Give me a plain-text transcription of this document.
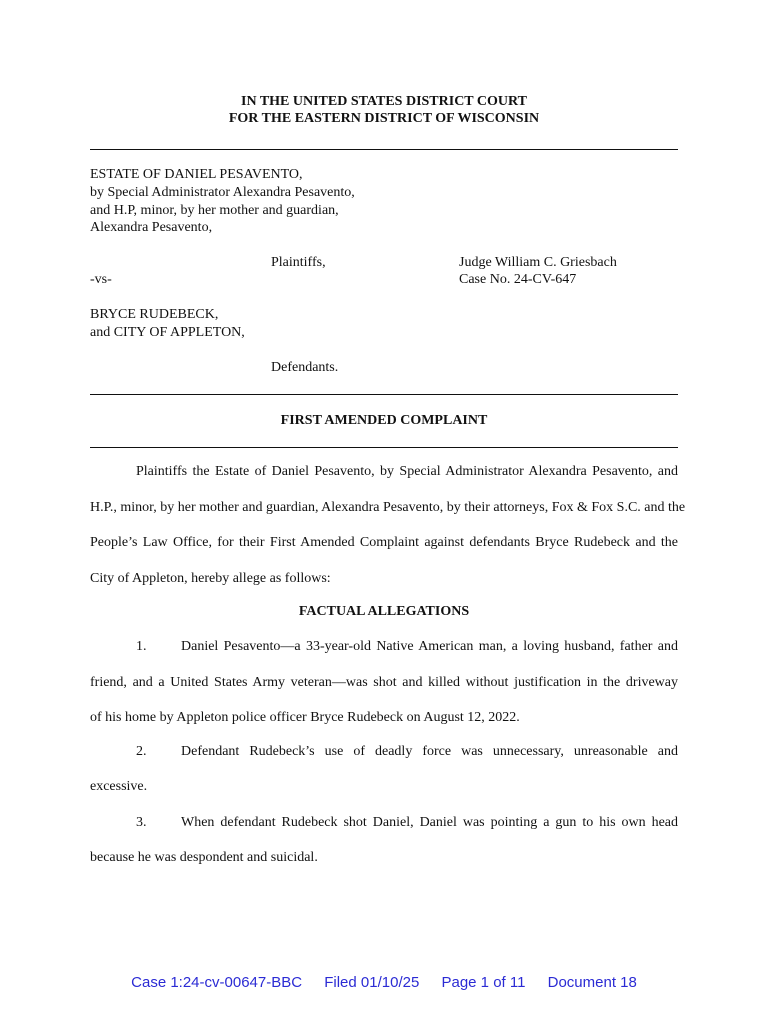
IN THE UNITED STATES DISTRICT COURT
FOR THE EASTERN DISTRICT OF WISCONSIN
ESTATE OF DANIEL PESAVENTO,
by Special Administrator Alexandra Pesavento,
and H.P, minor, by her mother and guardian,
Alexandra Pesavento,
Plaintiffs,	Judge William C. Griesbach
-vs-	Case No. 24-CV-647
BRYCE RUDEBECK,
and CITY OF APPLETON,
Defendants.
FIRST AMENDED COMPLAINT
Plaintiffs the Estate of Daniel Pesavento, by Special Administrator Alexandra Pesavento, and
H.P., minor, by her mother and guardian, Alexandra Pesavento, by their attorneys, Fox & Fox S.C. and the
People’s Law Office, for their First Amended Complaint against defendants Bryce Rudebeck and the
City of Appleton, hereby allege as follows:
FACTUAL ALLEGATIONS
1. Daniel Pesavento—a 33-year-old Native American man, a loving husband, father and
friend, and a United States Army veteran—was shot and killed without justification in the driveway
of his home by Appleton police officer Bryce Rudebeck on August 12, 2022.
2. Defendant Rudebeck’s use of deadly force was unnecessary, unreasonable and
excessive.
3. When defendant Rudebeck shot Daniel, Daniel was pointing a gun to his own head
because he was despondent and suicidal.
Case 1:24-cv-00647-BBC Filed 01/10/25 Page 1 of 11 Document 18
